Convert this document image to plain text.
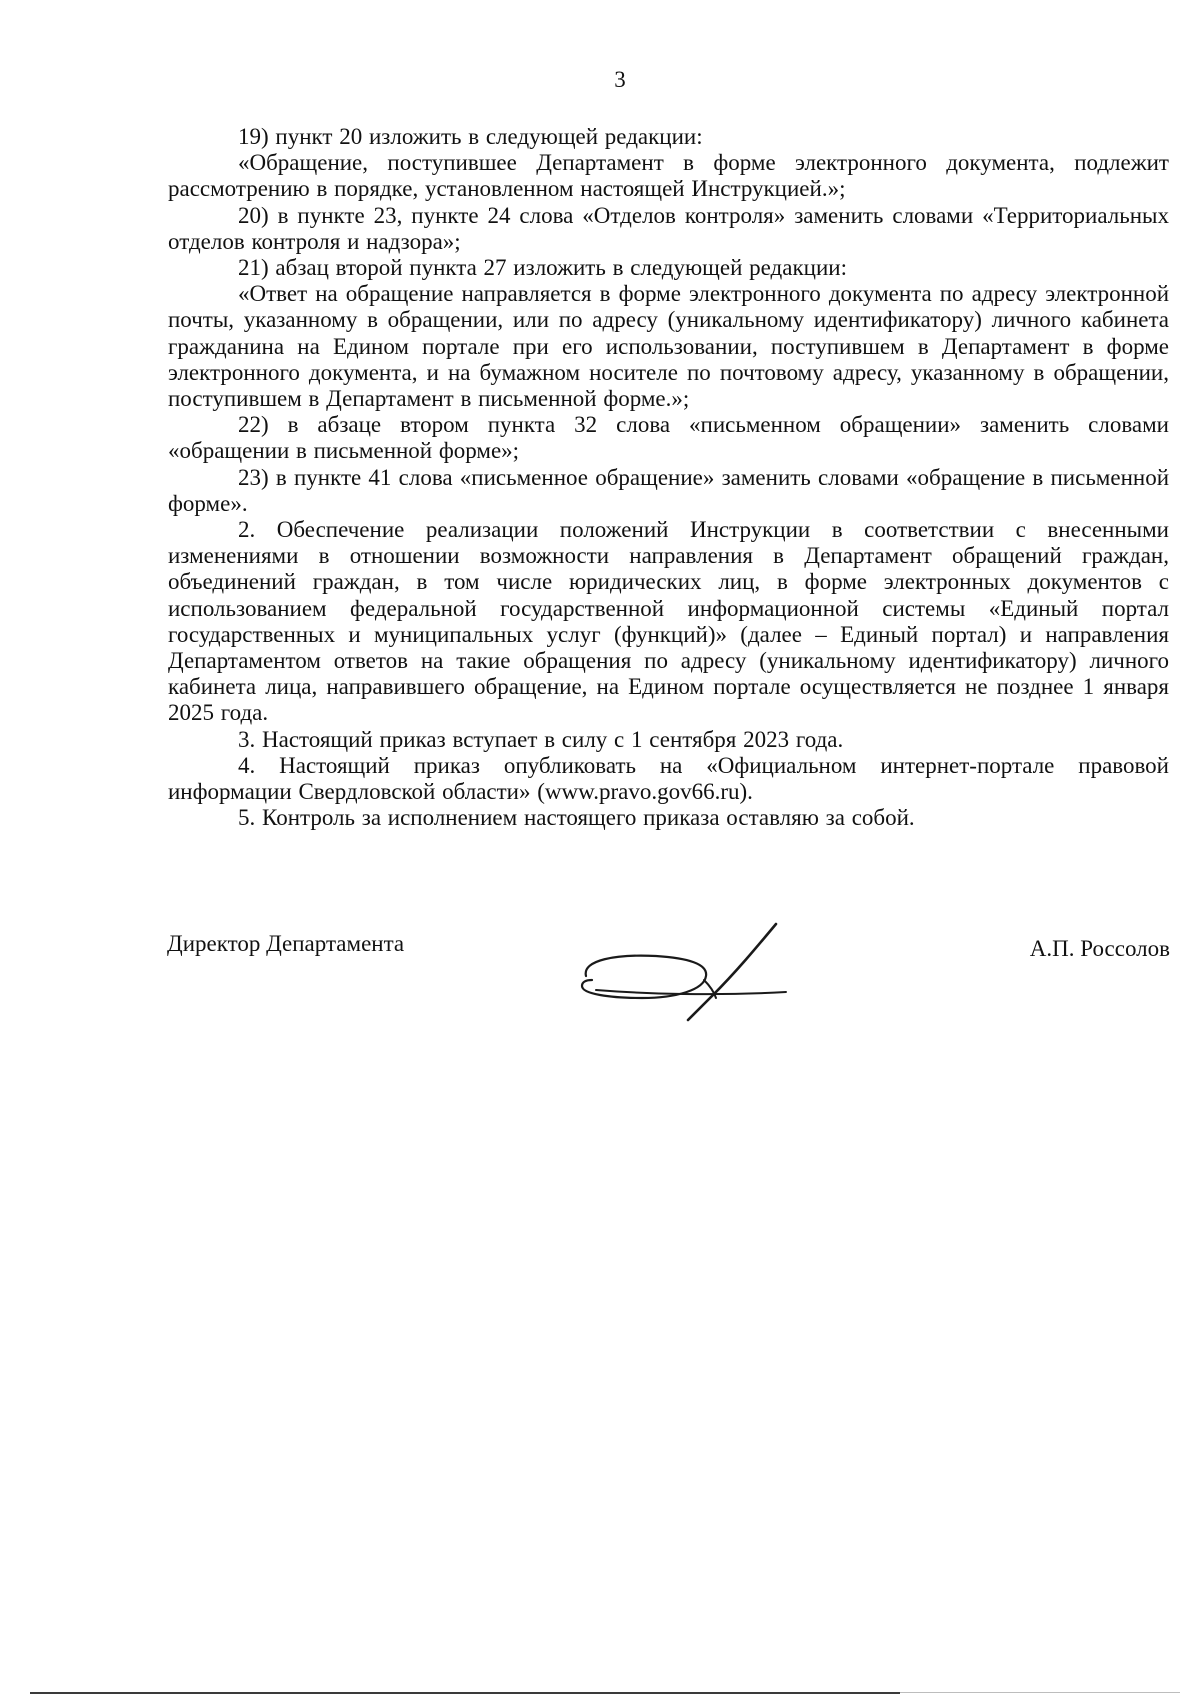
3

19) пункт 20 изложить в следующей редакции:

«Обращение, поступившее Департамент в форме электронного документа, подлежит рассмотрению в порядке, установленном настоящей Инструкцией.»;

20) в пункте 23, пункте 24 слова «Отделов контроля» заменить словами «Территориальных отделов контроля и надзора»;

21) абзац второй пункта 27 изложить в следующей редакции:

«Ответ на обращение направляется в форме электронного документа по адресу электронной почты, указанному в обращении, или по адресу (уникальному идентификатору) личного кабинета гражданина на Едином портале при его использовании, поступившем в Департамент в форме электронного документа, и на бумажном носителе по почтовому адресу, указанному в обращении, поступившем в Департамент в письменной форме.»;

22) в абзаце втором пункта 32 слова «письменном обращении» заменить словами «обращении в письменной форме»;

23) в пункте 41 слова «письменное обращение» заменить словами «обращение в письменной форме».

2. Обеспечение реализации положений Инструкции в соответствии с внесенными изменениями в отношении возможности направления в Департамент обращений граждан, объединений граждан, в том числе юридических лиц, в форме электронных документов с использованием федеральной государственной информационной системы «Единый портал государственных и муниципальных услуг (функций)» (далее – Единый портал) и направления Департаментом ответов на такие обращения по адресу (уникальному идентификатору) личного кабинета лица, направившего обращение, на Едином портале осуществляется не позднее 1 января 2025 года.

3. Настоящий приказ вступает в силу с 1 сентября 2023 года.

4. Настоящий приказ опубликовать на «Официальном интернет-портале правовой информации Свердловской области» (www.pravo.gov66.ru).

5. Контроль за исполнением настоящего приказа оставляю за собой.

Директор Департамента	А.П. Россолов
